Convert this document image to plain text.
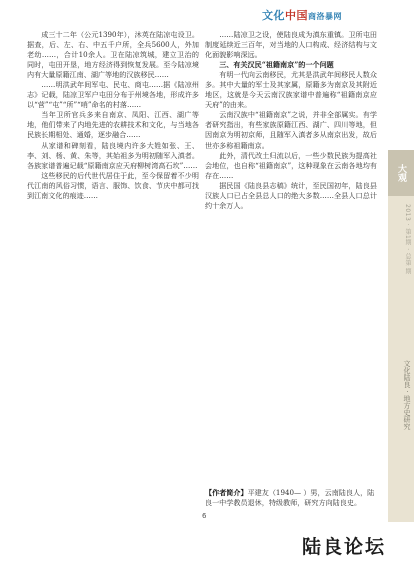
文化中国商洛暴网

成三十二年（公元1390年），沐英在陆凉屯设卫。据查，后、左、右、中五千户所，全兵5600人，外加老幼……，合计10余人。卫在陆凉筑城，建立卫治的同时，屯田开垦，地方经济得到恢复发展。至今陆凉境内有大量原籍江南、湖广等地的汉族移民……

……明洪武年间军屯、民屯、商屯……据《陆凉州志》记载，陆凉卫军户屯田分布于州境各地，形成许多以“营”“屯”“所”“哨”命名的村落……

当年卫所官兵多来自南京、凤阳、江西、湖广等地，他们带来了内地先进的农耕技术和文化，与当地各民族长期相处、通婚，逐步融合……

从家谱和碑刻看，陆良境内许多大姓如张、王、李、刘、杨、黄、朱等，其始祖多为明初随军入滇者。各族家谱普遍记载“原籍南京应天府柳树湾高石坎”……

这些移民的后代世代居住于此，至今保留着不少明代江南的风俗习惯，语言、服饰、饮食、节庆中都可找到江南文化的痕迹……

……陆凉卫之设，使陆良成为滇东重镇。卫所屯田制度延续近三百年，对当地的人口构成、经济结构与文化面貌影响深远。

三、有关汉民“祖籍南京”的一个问题

有明一代向云南移民，尤其是洪武年间移民人数众多。其中大量的军士及其家属，原籍多为南京及其附近地区，这就是今天云南汉族家谱中普遍称“祖籍南京应天府”的由来。

云南汉族中“祖籍南京”之说，并非全部属实。有学者研究指出，有些家族原籍江西、湖广、四川等地，但因南京为明初京师，且随军入滇者多从南京出发，故后世亦多称祖籍南京。

此外，清代改土归流以后，一些少数民族为提高社会地位，也自称“祖籍南京”，这种现象在云南各地均有存在……

据民国《陆良县志稿》统计，至民国初年，陆良县汉族人口已占全县总人口的绝大多数……全县人口总计约十余万人。

【作者简介】平建友（1940— ）男，云南陆良人，陆良一中学教员退休，特级教师，研究方向陆良史。
大观
2013 · 第1期 · 总第 期
文化陆良 · 地方史研究
6
陆良论坛
